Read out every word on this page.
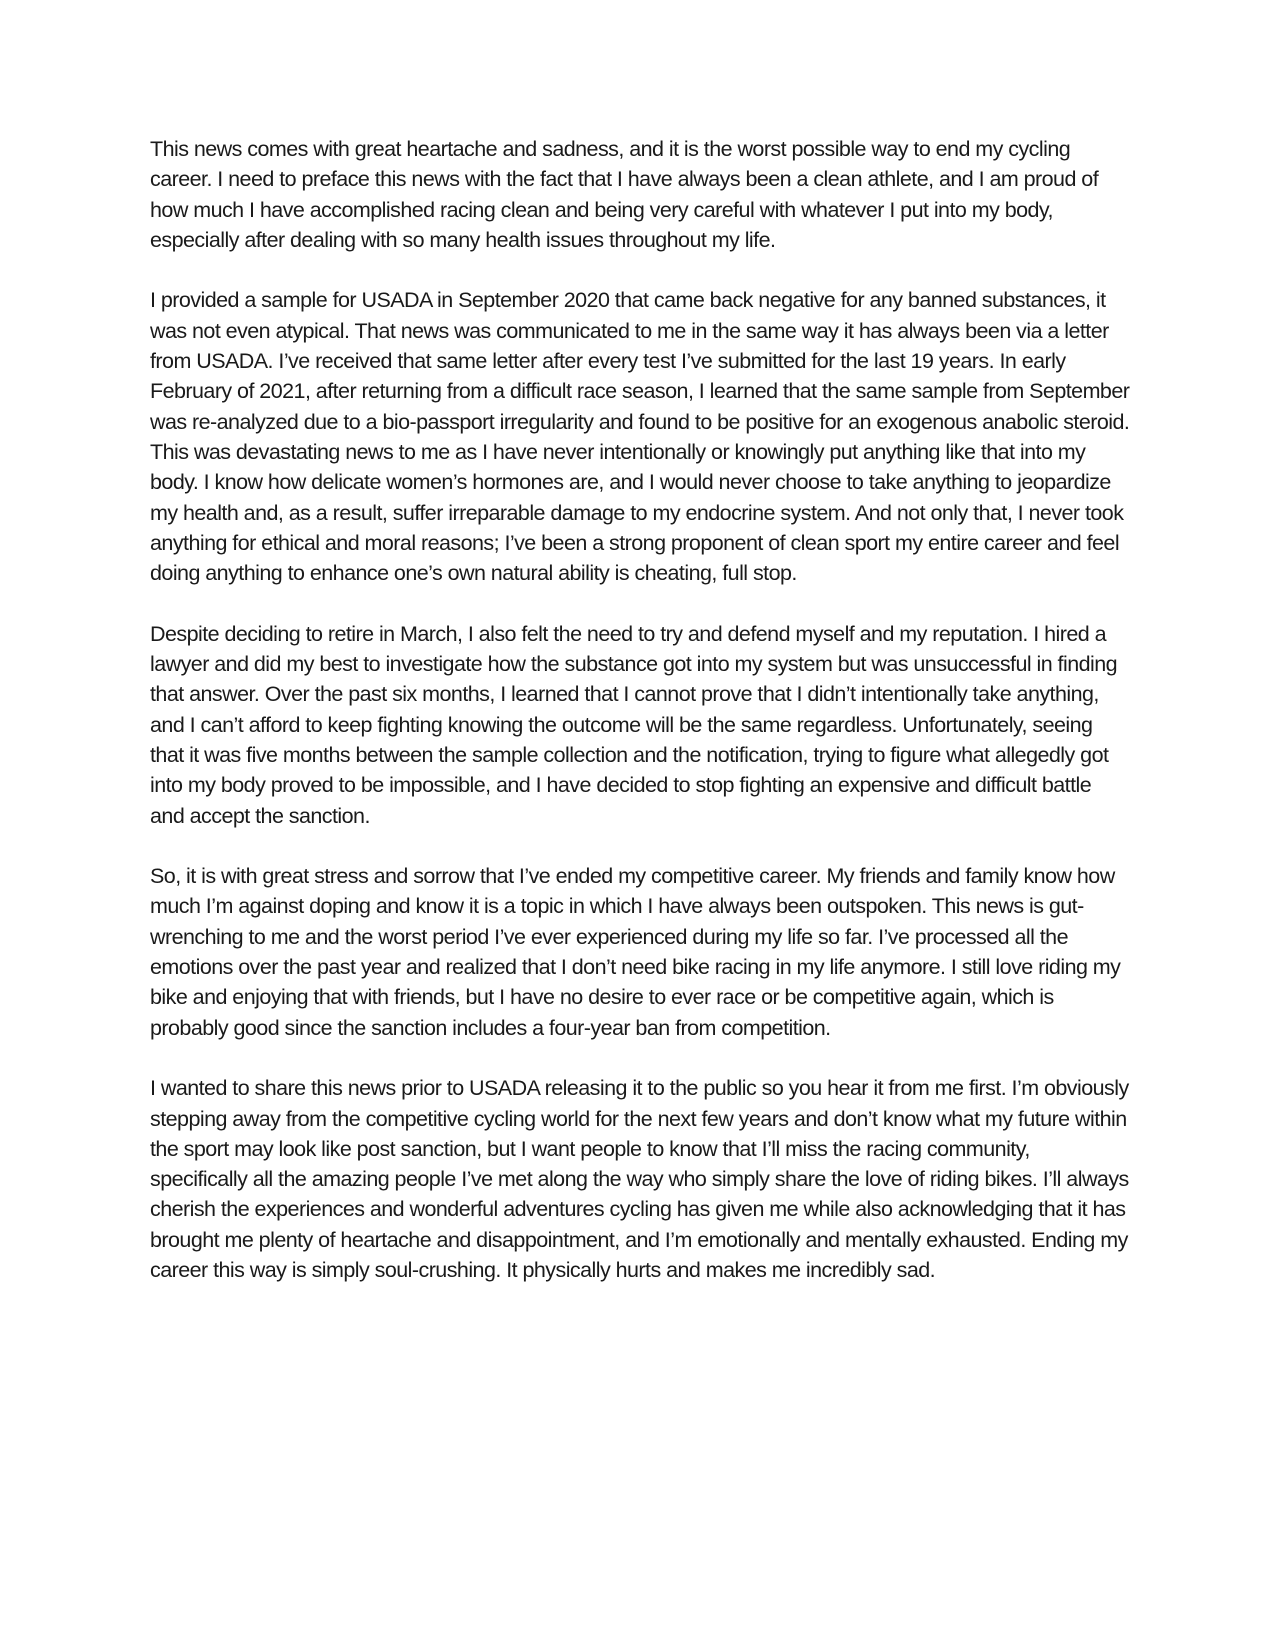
This news comes with great heartache and sadness, and it is the worst possible way to end my cycling career. I need to preface this news with the fact that I have always been a clean athlete, and I am proud of how much I have accomplished racing clean and being very careful with whatever I put into my body, especially after dealing with so many health issues throughout my life.

I provided a sample for USADA in September 2020 that came back negative for any banned substances, it was not even atypical. That news was communicated to me in the same way it has always been via a letter from USADA. I’ve received that same letter after every test I’ve submitted for the last 19 years. In early February of 2021, after returning from a difficult race season, I learned that the same sample from September was re-analyzed due to a bio-passport irregularity and found to be positive for an exogenous anabolic steroid. This was devastating news to me as I have never intentionally or knowingly put anything like that into my body. I know how delicate women’s hormones are, and I would never choose to take anything to jeopardize my health and, as a result, suffer irreparable damage to my endocrine system. And not only that, I never took anything for ethical and moral reasons; I’ve been a strong proponent of clean sport my entire career and feel doing anything to enhance one’s own natural ability is cheating, full stop.

Despite deciding to retire in March, I also felt the need to try and defend myself and my reputation. I hired a lawyer and did my best to investigate how the substance got into my system but was unsuccessful in finding that answer. Over the past six months, I learned that I cannot prove that I didn’t intentionally take anything, and I can’t afford to keep fighting knowing the outcome will be the same regardless. Unfortunately, seeing that it was five months between the sample collection and the notification, trying to figure what allegedly got into my body proved to be impossible, and I have decided to stop fighting an expensive and difficult battle and accept the sanction.

So, it is with great stress and sorrow that I’ve ended my competitive career. My friends and family know how much I’m against doping and know it is a topic in which I have always been outspoken. This news is gut-wrenching to me and the worst period I’ve ever experienced during my life so far. I’ve processed all the emotions over the past year and realized that I don’t need bike racing in my life anymore. I still love riding my bike and enjoying that with friends, but I have no desire to ever race or be competitive again, which is probably good since the sanction includes a four-year ban from competition.

I wanted to share this news prior to USADA releasing it to the public so you hear it from me first. I’m obviously stepping away from the competitive cycling world for the next few years and don’t know what my future within the sport may look like post sanction, but I want people to know that I’ll miss the racing community, specifically all the amazing people I’ve met along the way who simply share the love of riding bikes. I’ll always cherish the experiences and wonderful adventures cycling has given me while also acknowledging that it has brought me plenty of heartache and disappointment, and I’m emotionally and mentally exhausted. Ending my career this way is simply soul-crushing. It physically hurts and makes me incredibly sad.
